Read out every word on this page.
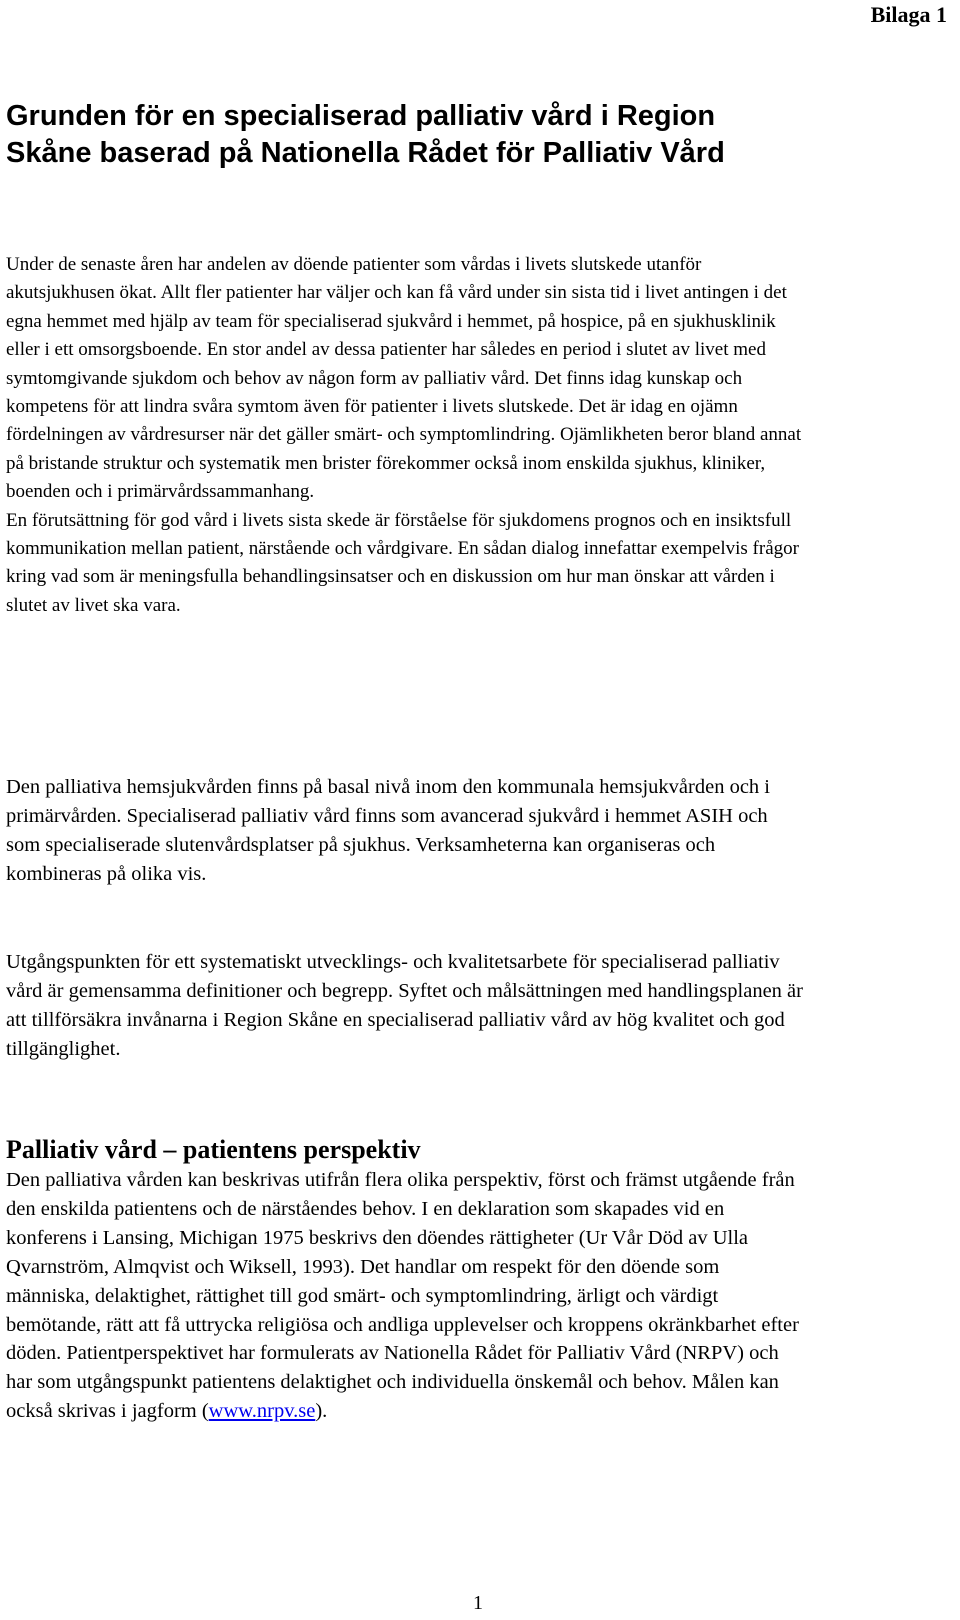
Bilaga 1
Grunden för en specialiserad palliativ vård i Region Skåne baserad på Nationella Rådet för Palliativ Vård

Under de senaste åren har andelen av döende patienter som vårdas i livets slutskede utanför akutsjukhusen ökat. Allt fler patienter har väljer och kan få vård under sin sista tid i livet antingen i det egna hemmet med hjälp av team för specialiserad sjukvård i hemmet, på hospice, på en sjukhusklinik eller i ett omsorgsboende. En stor andel av dessa patienter har således en period i slutet av livet med symtomgivande sjukdom och behov av någon form av palliativ vård. Det finns idag kunskap och kompetens för att lindra svåra symtom även för patienter i livets slutskede. Det är idag en ojämn fördelningen av vårdresurser när det gäller smärt- och symptomlindring. Ojämlikheten beror bland annat på bristande struktur och systematik men brister förekommer också inom enskilda sjukhus, kliniker, boenden och i primärvårdssammanhang.
En förutsättning för god vård i livets sista skede är förståelse för sjukdomens prognos och en insiktsfull kommunikation mellan patient, närstående och vårdgivare. En sådan dialog innefattar exempelvis frågor kring vad som är meningsfulla behandlingsinsatser och en diskussion om hur man önskar att vården i slutet av livet ska vara.

Den palliativa hemsjukvården finns på basal nivå inom den kommunala hemsjukvården och i primärvården. Specialiserad palliativ vård finns som avancerad sjukvård i hemmet ASIH och som specialiserade slutenvårdsplatser på sjukhus. Verksamheterna kan organiseras och kombineras på olika vis.

Utgångspunkten för ett systematiskt utvecklings- och kvalitetsarbete för specialiserad palliativ vård är gemensamma definitioner och begrepp. Syftet och målsättningen med handlingsplanen är att tillförsäkra invånarna i Region Skåne en specialiserad palliativ vård av hög kvalitet och god tillgänglighet.

Palliativ vård – patientens perspektiv

Den palliativa vården kan beskrivas utifrån flera olika perspektiv, först och främst utgående från den enskilda patientens och de närståendes behov. I en deklaration som skapades vid en konferens i Lansing, Michigan 1975 beskrivs den döendes rättigheter (Ur Vår Död av Ulla Qvarnström, Almqvist och Wiksell, 1993). Det handlar om respekt för den döende som människa, delaktighet, rättighet till god smärt- och symptomlindring, ärligt och värdigt bemötande, rätt att få uttrycka religiösa och andliga upplevelser och kroppens okränkbarhet efter döden. Patientperspektivet har formulerats av Nationella Rådet för Palliativ Vård (NRPV) och har som utgångspunkt patientens delaktighet och individuella önskemål och behov. Målen kan också skrivas i jagform (www.nrpv.se).

1
